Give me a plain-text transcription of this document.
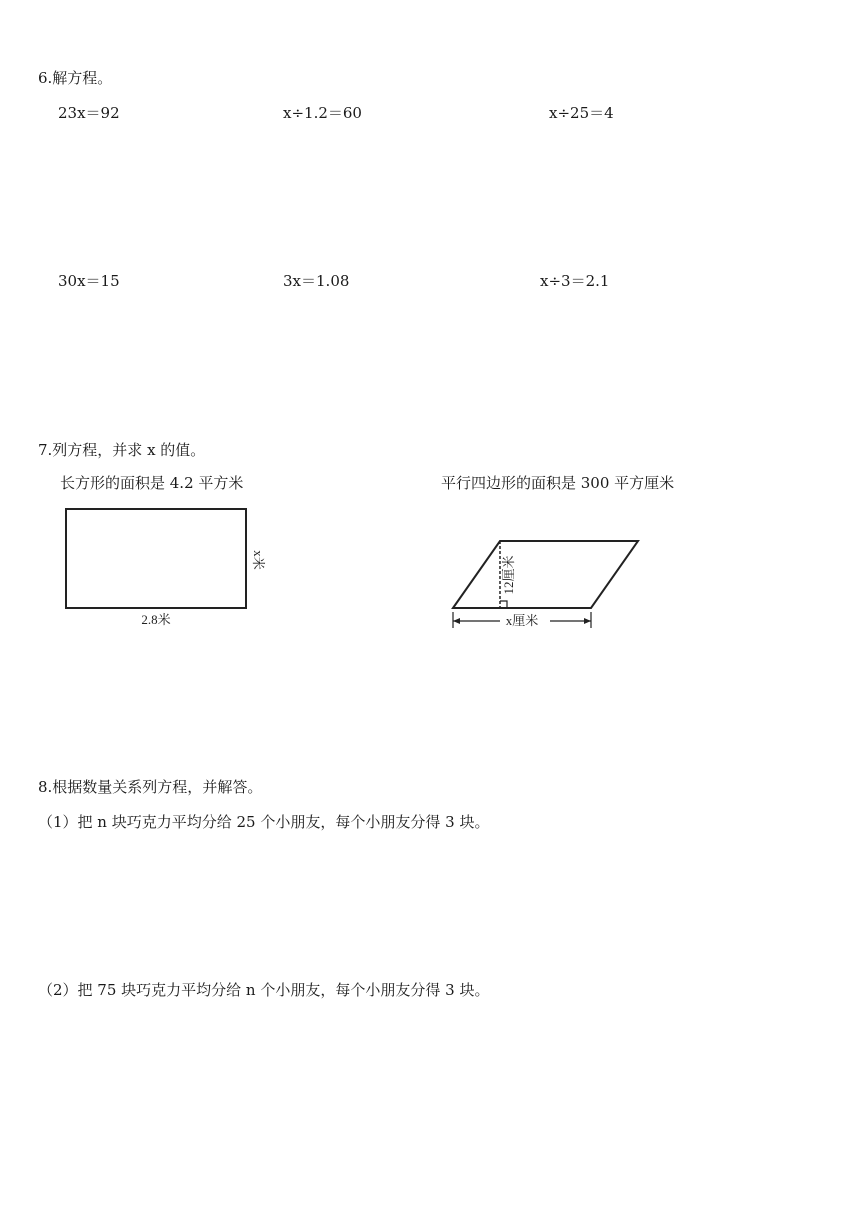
6.解方程。
23x＝92	x÷1.2＝60	x÷25＝4
30x＝15	3x＝1.08	x÷3＝2.1
7.列方程，并求 x 的值。
长方形的面积是 4.2 平方米	平行四边形的面积是 300 平方厘米
2.8米
x米	12厘米
x厘米
8.根据数量关系列方程，并解答。
（1）把 n 块巧克力平均分给 25 个小朋友，每个小朋友分得 3 块。
（2）把 75 块巧克力平均分给 n 个小朋友，每个小朋友分得 3 块。
